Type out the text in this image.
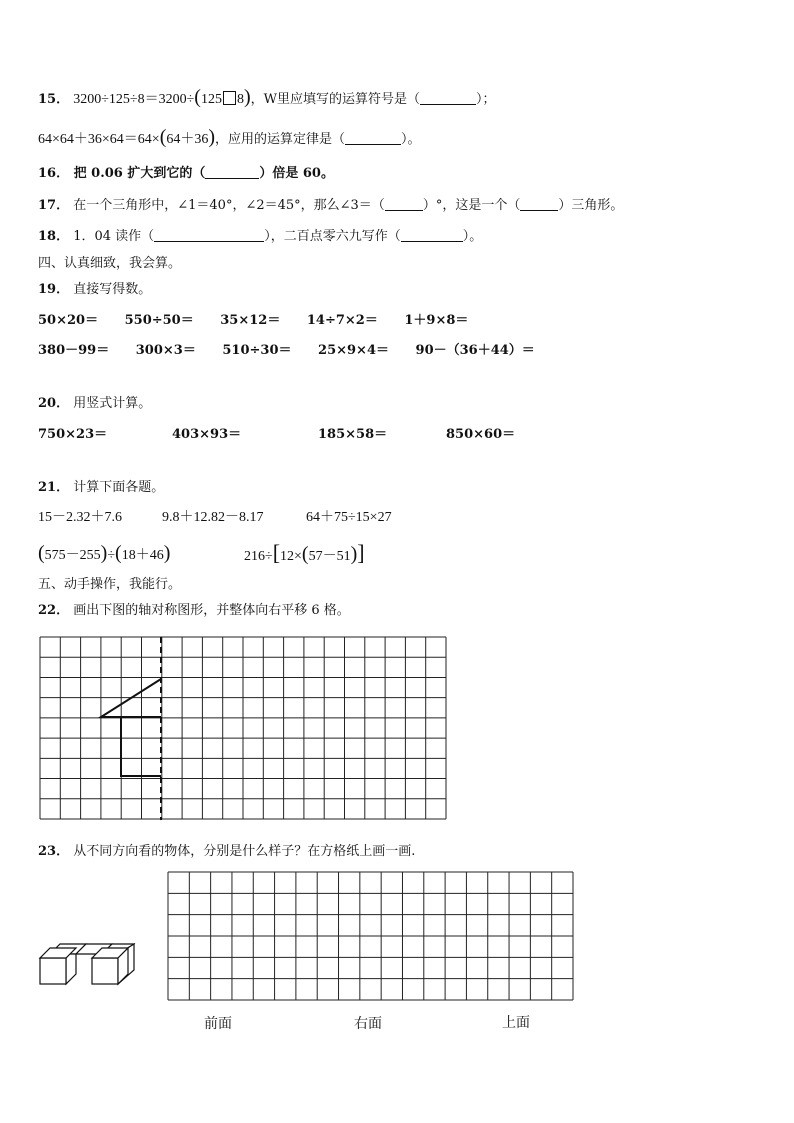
15． 3200÷125÷8＝3200÷(125 8)，W里应填写的运算符号是（	）；
64×64＋36×64＝64×(64＋36)，应用的运算定律是（	）。
16． 把 0.06 扩大到它的（	）倍是 60。
17． 在一个三角形中，∠1＝40°，∠2＝45°，那么∠3＝（	）°，这是一个（	）三角形。
18． 1．04 读作（	），二百点零六九写作（	）。
四、认真细致，我会算。
19． 直接写得数。
50×20＝ 550÷50＝ 35×12＝ 14÷7×2＝ 1＋9×8＝
380－99＝ 300×3＝ 510÷30＝ 25×9×4＝ 90－（36＋44）＝
20． 用竖式计算。
750×23＝	403×93＝	185×58＝	850×60＝
21． 计算下面各题。
15－2.32＋7.6	9.8＋12.82－8.17	64＋75÷15×27
(575－255)÷(18＋46)	216÷[12×(57－51)]
五、动手操作，我能行。
22． 画出下图的轴对称图形，并整体向右平移 6 格。
23． 从不同方向看的物体，分别是什么样子？在方格纸上画一画.
前面	右面	上面
